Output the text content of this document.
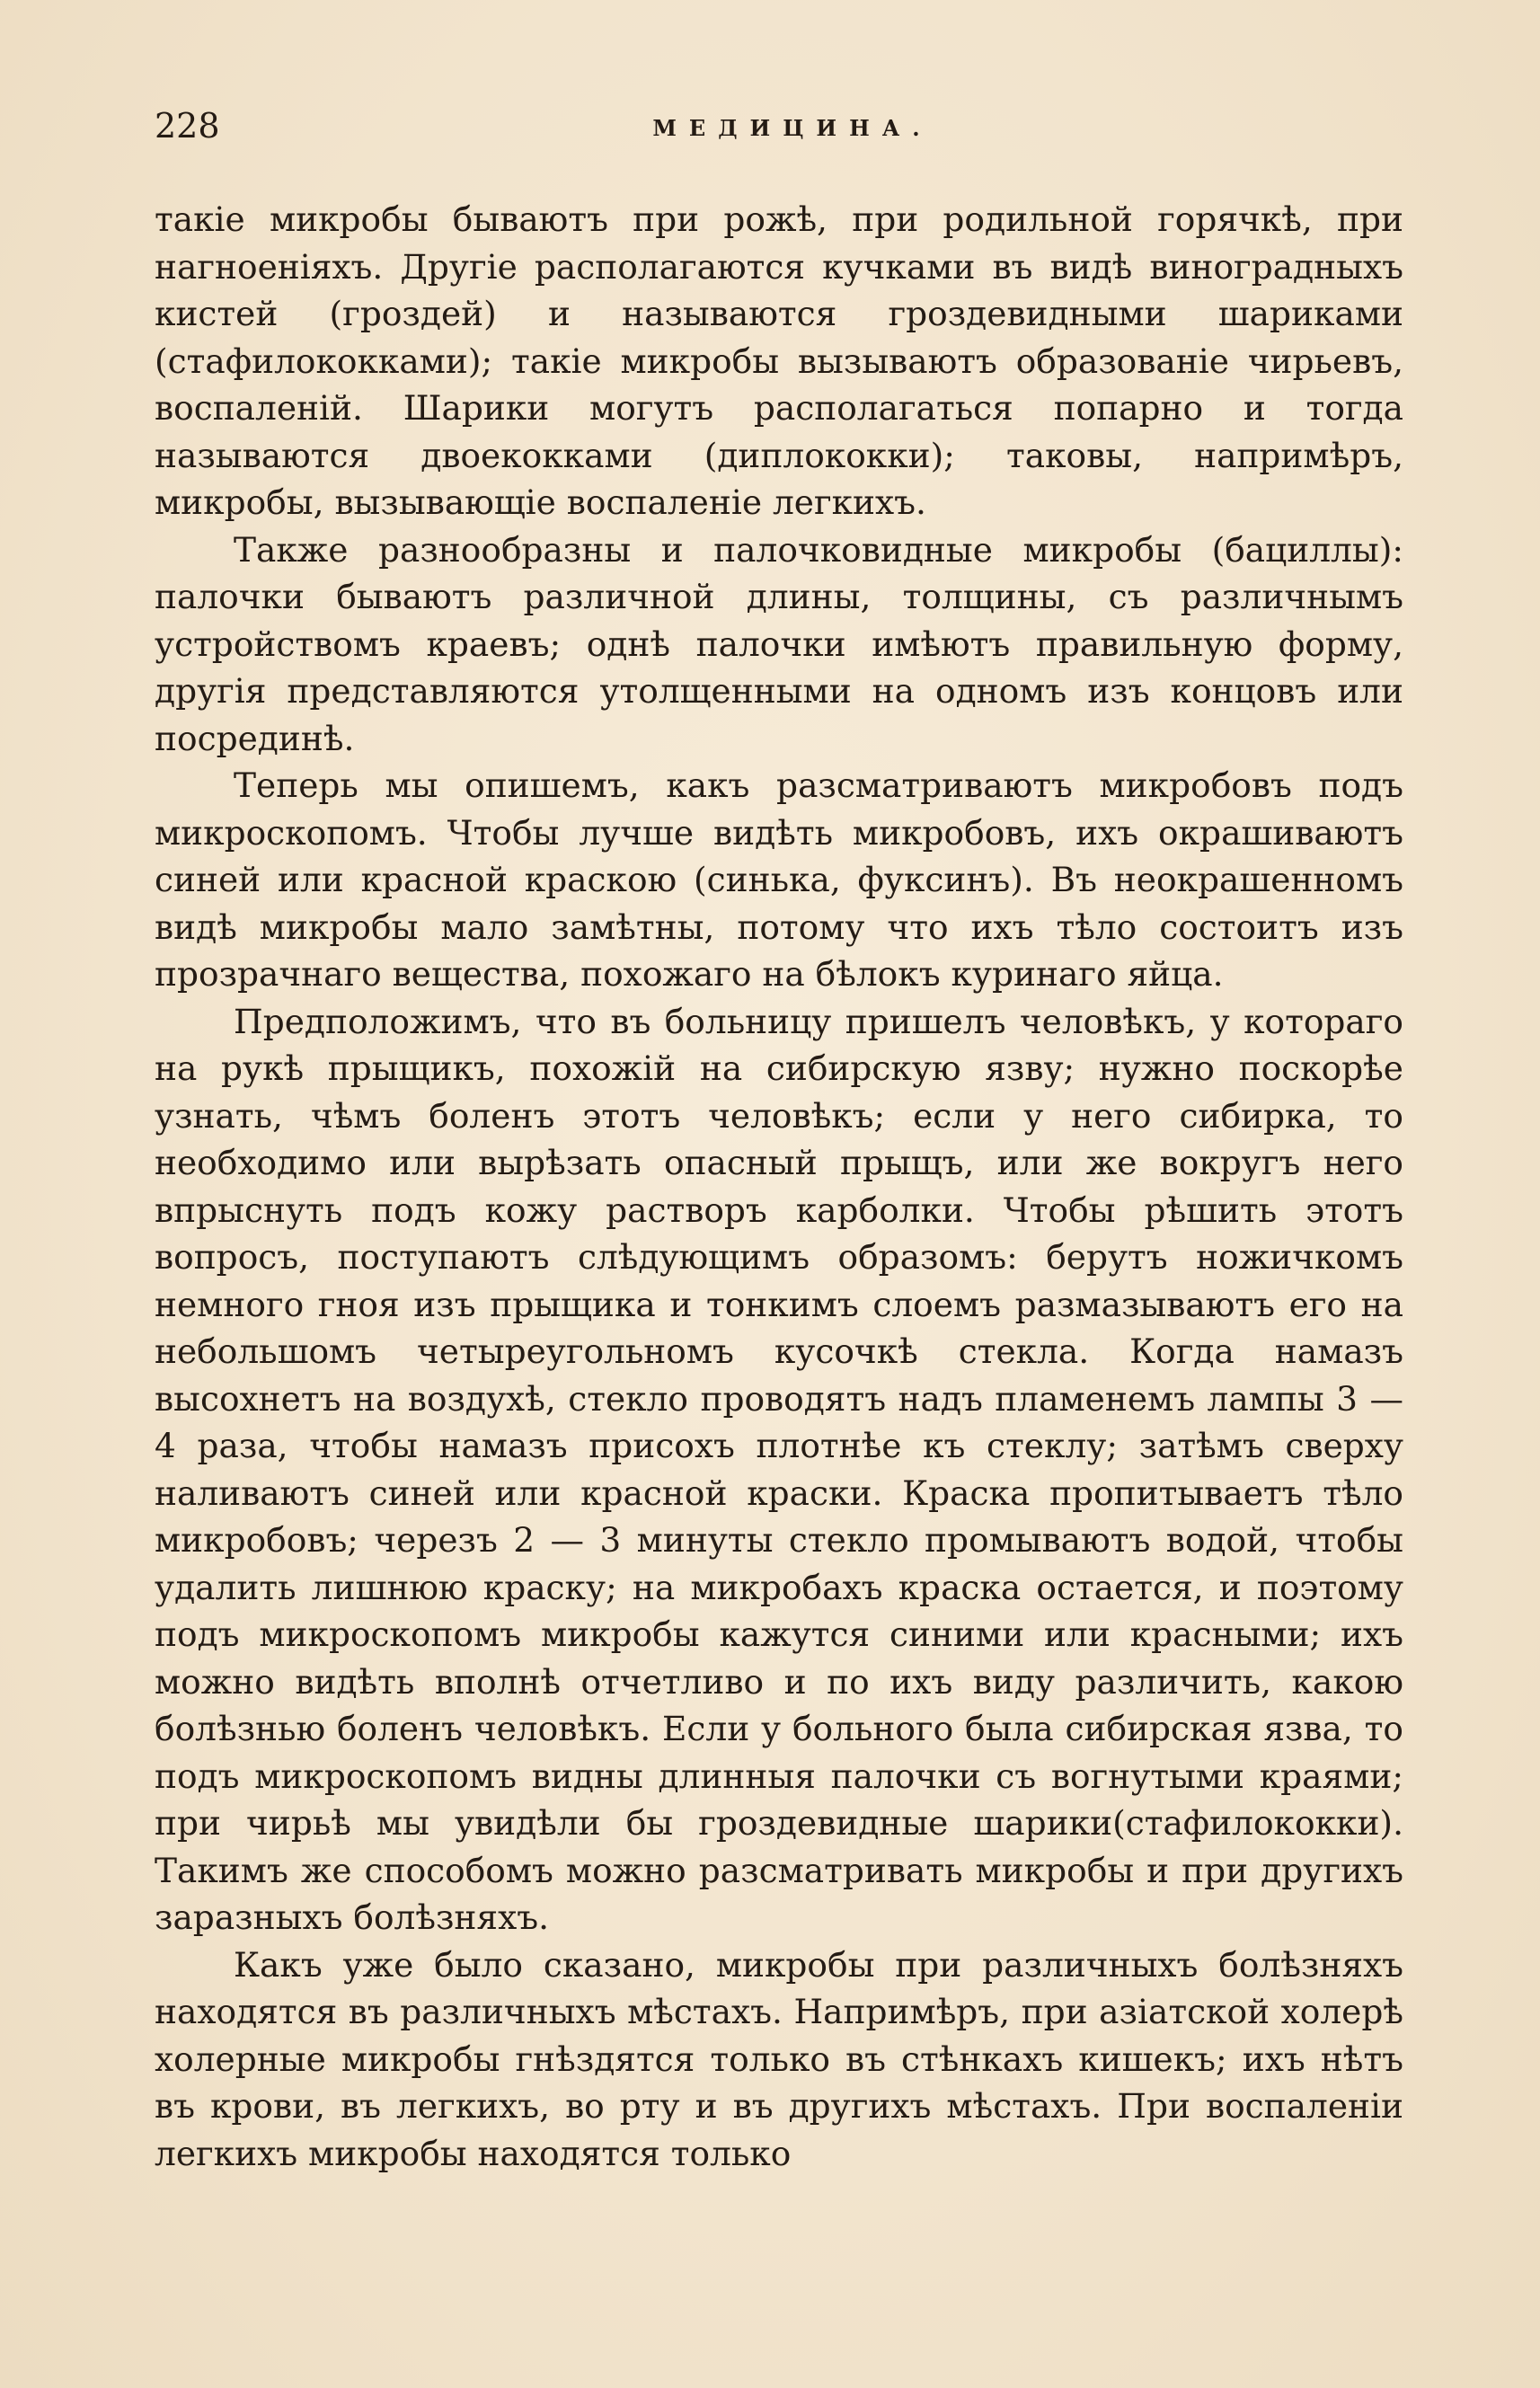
228	МЕДИЦИНА.

такіе микробы бываютъ при рожѣ, при родильной горячкѣ, при нагноеніяхъ. Другіе располагаются кучками въ видѣ виноградныхъ кистей (гроздей) и называются гроздевидными шариками (стафилококками); такіе микробы вызываютъ образованіе чирьевъ, воспаленій. Шарики могутъ располагаться попарно и тогда называются двоекокками (диплококки); таковы, напримѣръ, микробы, вызывающіе воспаленіе легкихъ.

Также разнообразны и палочковидные микробы (бациллы): палочки бываютъ различной длины, толщины, съ различнымъ устройствомъ краевъ; однѣ палочки имѣютъ правильную форму, другія представляются утолщенными на одномъ изъ концовъ или посрединѣ.

Теперь мы опишемъ, какъ разсматриваютъ микробовъ подъ микроскопомъ. Чтобы лучше видѣть микробовъ, ихъ окрашиваютъ синей или красной краскою (синька, фуксинъ). Въ неокрашенномъ видѣ микробы мало замѣтны, потому что ихъ тѣло состоитъ изъ прозрачнаго вещества, похожаго на бѣлокъ куринаго яйца.

Предположимъ, что въ больницу пришелъ человѣкъ, у котораго на рукѣ прыщикъ, похожій на сибирскую язву; нужно поскорѣе узнать, чѣмъ боленъ этотъ человѣкъ; если у него сибирка, то необходимо или вырѣзать опасный прыщъ, или же вокругъ него впрыснуть подъ кожу растворъ карболки. Чтобы рѣшить этотъ вопросъ, поступаютъ слѣдующимъ образомъ: берутъ ножичкомъ немного гноя изъ прыщика и тонкимъ слоемъ размазываютъ его на небольшомъ четыреугольномъ кусочкѣ стекла. Когда намазъ высохнетъ на воздухѣ, стекло проводятъ надъ пламенемъ лампы 3 — 4 раза, чтобы намазъ присохъ плотнѣе къ стеклу; затѣмъ сверху наливаютъ синей или красной краски. Краска пропитываетъ тѣло микробовъ; черезъ 2 — 3 минуты стекло промываютъ водой, чтобы удалить лишнюю краску; на микробахъ краска остается, и поэтому подъ микроскопомъ микробы кажутся синими или красными; ихъ можно видѣть вполнѣ отчетливо и по ихъ виду различить, какою болѣзнью боленъ человѣкъ. Если у больного была сибирская язва, то подъ микроскопомъ видны длинныя палочки съ вогнутыми краями; при чирьѣ мы увидѣли бы гроздевидные шарики(стафилококки). Такимъ же способомъ можно разсматривать микробы и при другихъ заразныхъ болѣзняхъ.

Какъ уже было сказано, микробы при различныхъ болѣзняхъ находятся въ различныхъ мѣстахъ. Напримѣръ, при азіатской холерѣ холерные микробы гнѣздятся только въ стѣнкахъ кишекъ; ихъ нѣтъ въ крови, въ легкихъ, во рту и въ другихъ мѣстахъ. При воспаленіи легкихъ микробы находятся только
